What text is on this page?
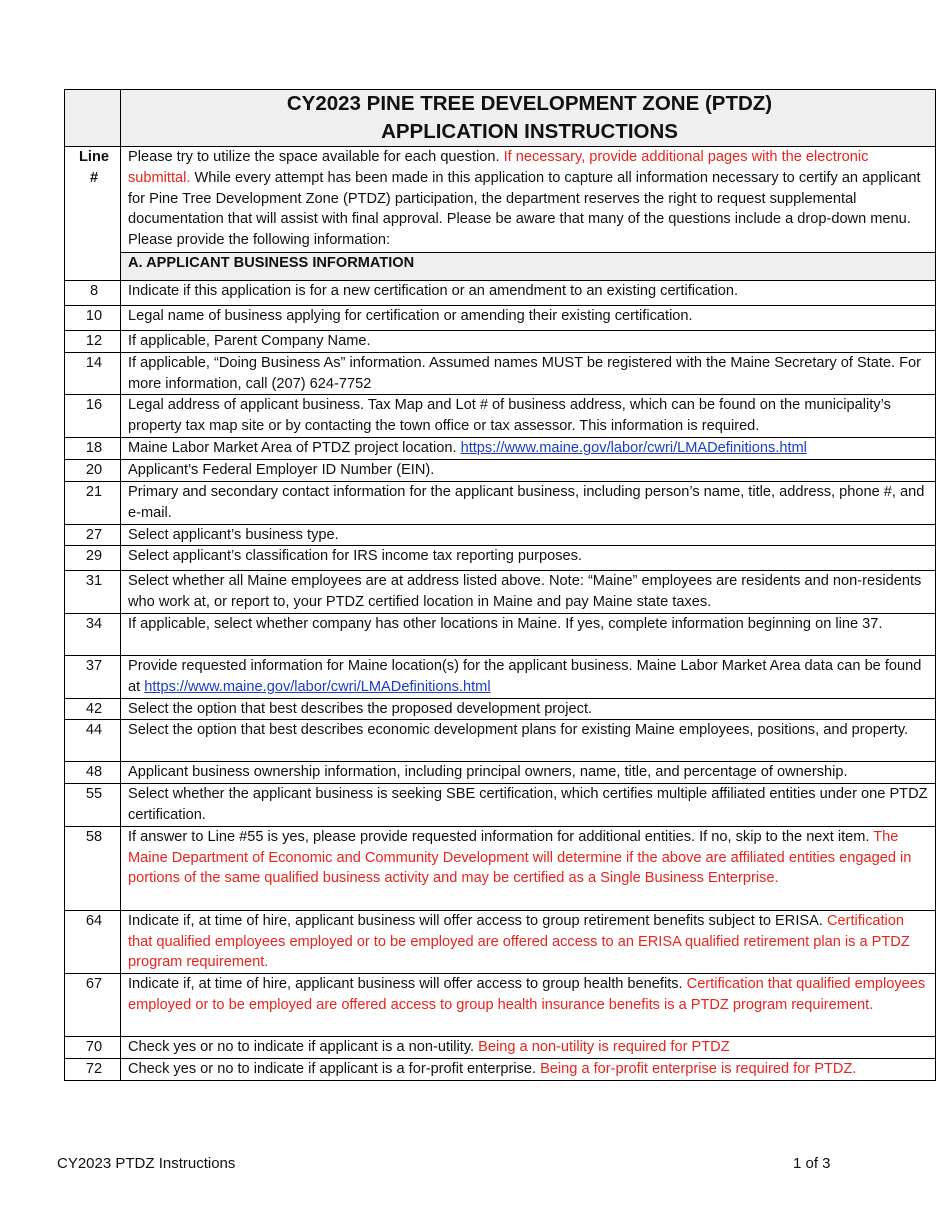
	CY2023 PINE TREE DEVELOPMENT ZONE (PTDZ)
APPLICATION INSTRUCTIONS

Line
#	Please try to utilize the space available for each question. If necessary, provide additional pages with the electronic submittal. While every attempt has been made in this application to capture all information necessary to certify an applicant for Pine Tree Development Zone (PTDZ) participation, the department reserves the right to request supplemental documentation that will assist with final approval. Please be aware that many of the questions include a drop-down menu. Please provide the following information:
	A. APPLICANT BUSINESS INFORMATION
8	Indicate if this application is for a new certification or an amendment to an existing certification.
10	Legal name of business applying for certification or amending their existing certification.
12	If applicable, Parent Company Name.
14	If applicable, “Doing Business As” information. Assumed names MUST be registered with the Maine Secretary of State. For more information, call (207) 624-7752
16	Legal address of applicant business. Tax Map and Lot # of business address, which can be found on the municipality’s property tax map site or by contacting the town office or tax assessor. This information is required.
18	Maine Labor Market Area of PTDZ project location. https://www.maine.gov/labor/cwri/LMADefinitions.html
20	Applicant’s Federal Employer ID Number (EIN).
21	Primary and secondary contact information for the applicant business, including person’s name, title, address, phone #, and e-mail.
27	Select applicant’s business type.
29	Select applicant’s classification for IRS income tax reporting purposes.
31	Select whether all Maine employees are at address listed above. Note: “Maine” employees are residents and non-residents who work at, or report to, your PTDZ certified location in Maine and pay Maine state taxes.
34	If applicable, select whether company has other locations in Maine. If yes, complete information beginning on line 37.
37	Provide requested information for Maine location(s) for the applicant business. Maine Labor Market Area data can be found at https://www.maine.gov/labor/cwri/LMADefinitions.html
42	Select the option that best describes the proposed development project.
44	Select the option that best describes economic development plans for existing Maine employees, positions, and property.
48	Applicant business ownership information, including principal owners, name, title, and percentage of ownership.
55	Select whether the applicant business is seeking SBE certification, which certifies multiple affiliated entities under one PTDZ certification.
58	If answer to Line #55 is yes, please provide requested information for additional entities. If no, skip to the next item. The Maine Department of Economic and Community Development will determine if the above are affiliated entities engaged in portions of the same qualified business activity and may be certified as a Single Business Enterprise.
64	Indicate if, at time of hire, applicant business will offer access to group retirement benefits subject to ERISA. Certification that qualified employees employed or to be employed are offered access to an ERISA qualified retirement plan is a PTDZ program requirement.
67	Indicate if, at time of hire, applicant business will offer access to group health benefits. Certification that qualified employees employed or to be employed are offered access to group health insurance benefits is a PTDZ program requirement.
70	Check yes or no to indicate if applicant is a non-utility. Being a non-utility is required for PTDZ
72	Check yes or no to indicate if applicant is a for-profit enterprise. Being a for-profit enterprise is required for PTDZ.
CY2023 PTDZ Instructions	1 of 3
